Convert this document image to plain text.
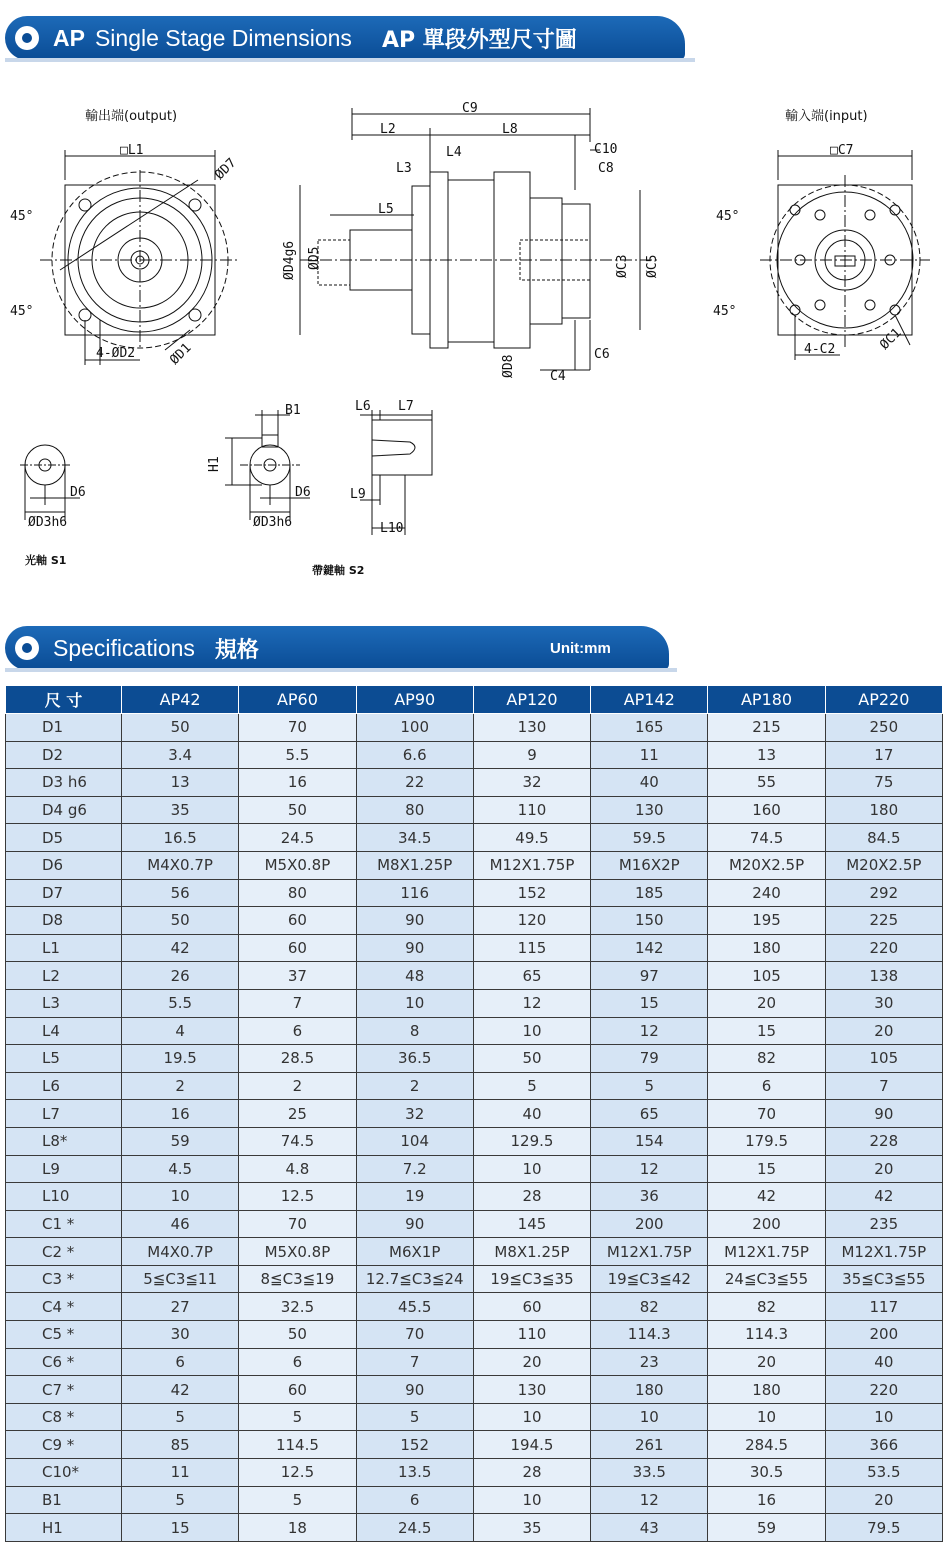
AP Single Stage Dimensions AP 單段外型尺寸圖
輸出端(output)	輸入端(input)
□L1
ØD7
45°
45°
4-ØD2 ØD1
C9
L2	L8
L4
L3
L5
C10
C8
ØD4g6 ØD5	ØC3 ØC5
ØD8
C6
C4
□C7
45°
45°
4-C2	ØC1
D6
ØD3h6
光軸 S1
B1
H1
D6
ØD3h6
L6 L7
L9
L10
帶鍵軸 S2
Specifications 規格	Unit:mm
尺 寸	AP42	AP60	AP90	AP120	AP142	AP180	AP220
D1	50	70	100	130	165	215	250
D2	3.4	5.5	6.6	9	11	13	17
D3 h6	13	16	22	32	40	55	75
D4 g6	35	50	80	110	130	160	180
D5	16.5	24.5	34.5	49.5	59.5	74.5	84.5
D6	M4X0.7P	M5X0.8P	M8X1.25P	M12X1.75P	M16X2P	M20X2.5P	M20X2.5P
D7	56	80	116	152	185	240	292
D8	50	60	90	120	150	195	225
L1	42	60	90	115	142	180	220
L2	26	37	48	65	97	105	138
L3	5.5	7	10	12	15	20	30
L4	4	6	8	10	12	15	20
L5	19.5	28.5	36.5	50	79	82	105
L6	2	2	2	5	5	6	7
L7	16	25	32	40	65	70	90
L8*	59	74.5	104	129.5	154	179.5	228
L9	4.5	4.8	7.2	10	12	15	20
L10	10	12.5	19	28	36	42	42
C1 *	46	70	90	145	200	200	235
C2 *	M4X0.7P	M5X0.8P	M6X1P	M8X1.25P	M12X1.75P	M12X1.75P	M12X1.75P
C3 *	5≦C3≦11	8≦C3≦19	12.7≦C3≦24	19≦C3≦35	19≦C3≦42	24≦C3≦55	35≦C3≦55
C4 *	27	32.5	45.5	60	82	82	117
C5 *	30	50	70	110	114.3	114.3	200
C6 *	6	6	7	20	23	20	40
C7 *	42	60	90	130	180	180	220
C8 *	5	5	5	10	10	10	10
C9 *	85	114.5	152	194.5	261	284.5	366
C10*	11	12.5	13.5	28	33.5	30.5	53.5
B1	5	5	6	10	12	16	20
H1	15	18	24.5	35	43	59	79.5
